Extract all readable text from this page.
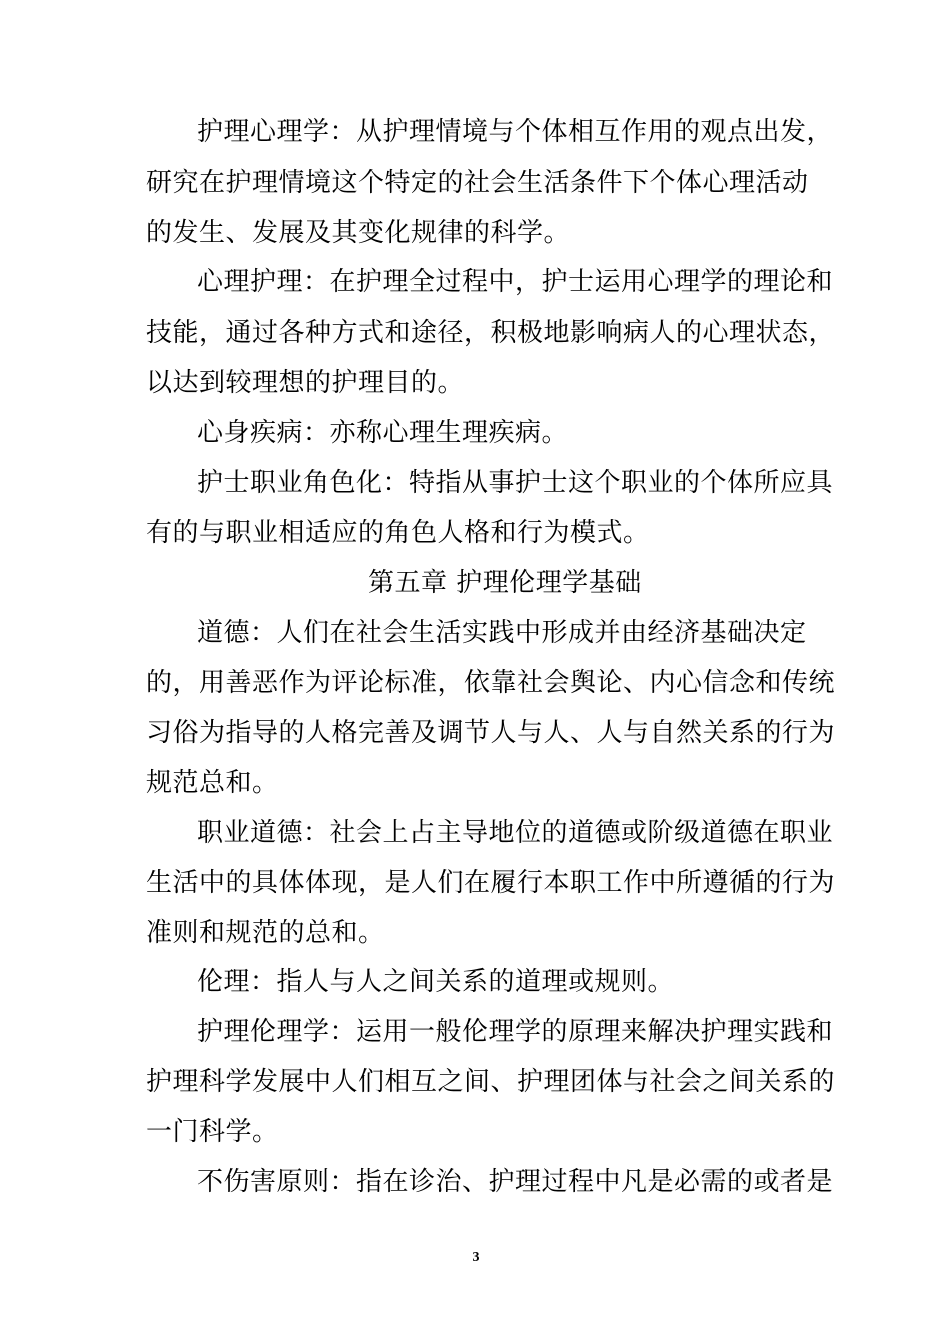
护理心理学：从护理情境与个体相互作用的观点出发，
研究在护理情境这个特定的社会生活条件下个体心理活动
的发生、发展及其变化规律的科学。
心理护理：在护理全过程中，护士运用心理学的理论和
技能，通过各种方式和途径，积极地影响病人的心理状态，
以达到较理想的护理目的。
心身疾病：亦称心理生理疾病。
护士职业角色化：特指从事护士这个职业的个体所应具
有的与职业相适应的角色人格和行为模式。
第五章 护理伦理学基础
道德：人们在社会生活实践中形成并由经济基础决定
的，用善恶作为评论标准，依靠社会舆论、内心信念和传统
习俗为指导的人格完善及调节人与人、人与自然关系的行为
规范总和。
职业道德：社会上占主导地位的道德或阶级道德在职业
生活中的具体体现，是人们在履行本职工作中所遵循的行为
准则和规范的总和。
伦理：指人与人之间关系的道理或规则。
护理伦理学：运用一般伦理学的原理来解决护理实践和
护理科学发展中人们相互之间、护理团体与社会之间关系的
一门科学。
不伤害原则：指在诊治、护理过程中凡是必需的或者是
3
